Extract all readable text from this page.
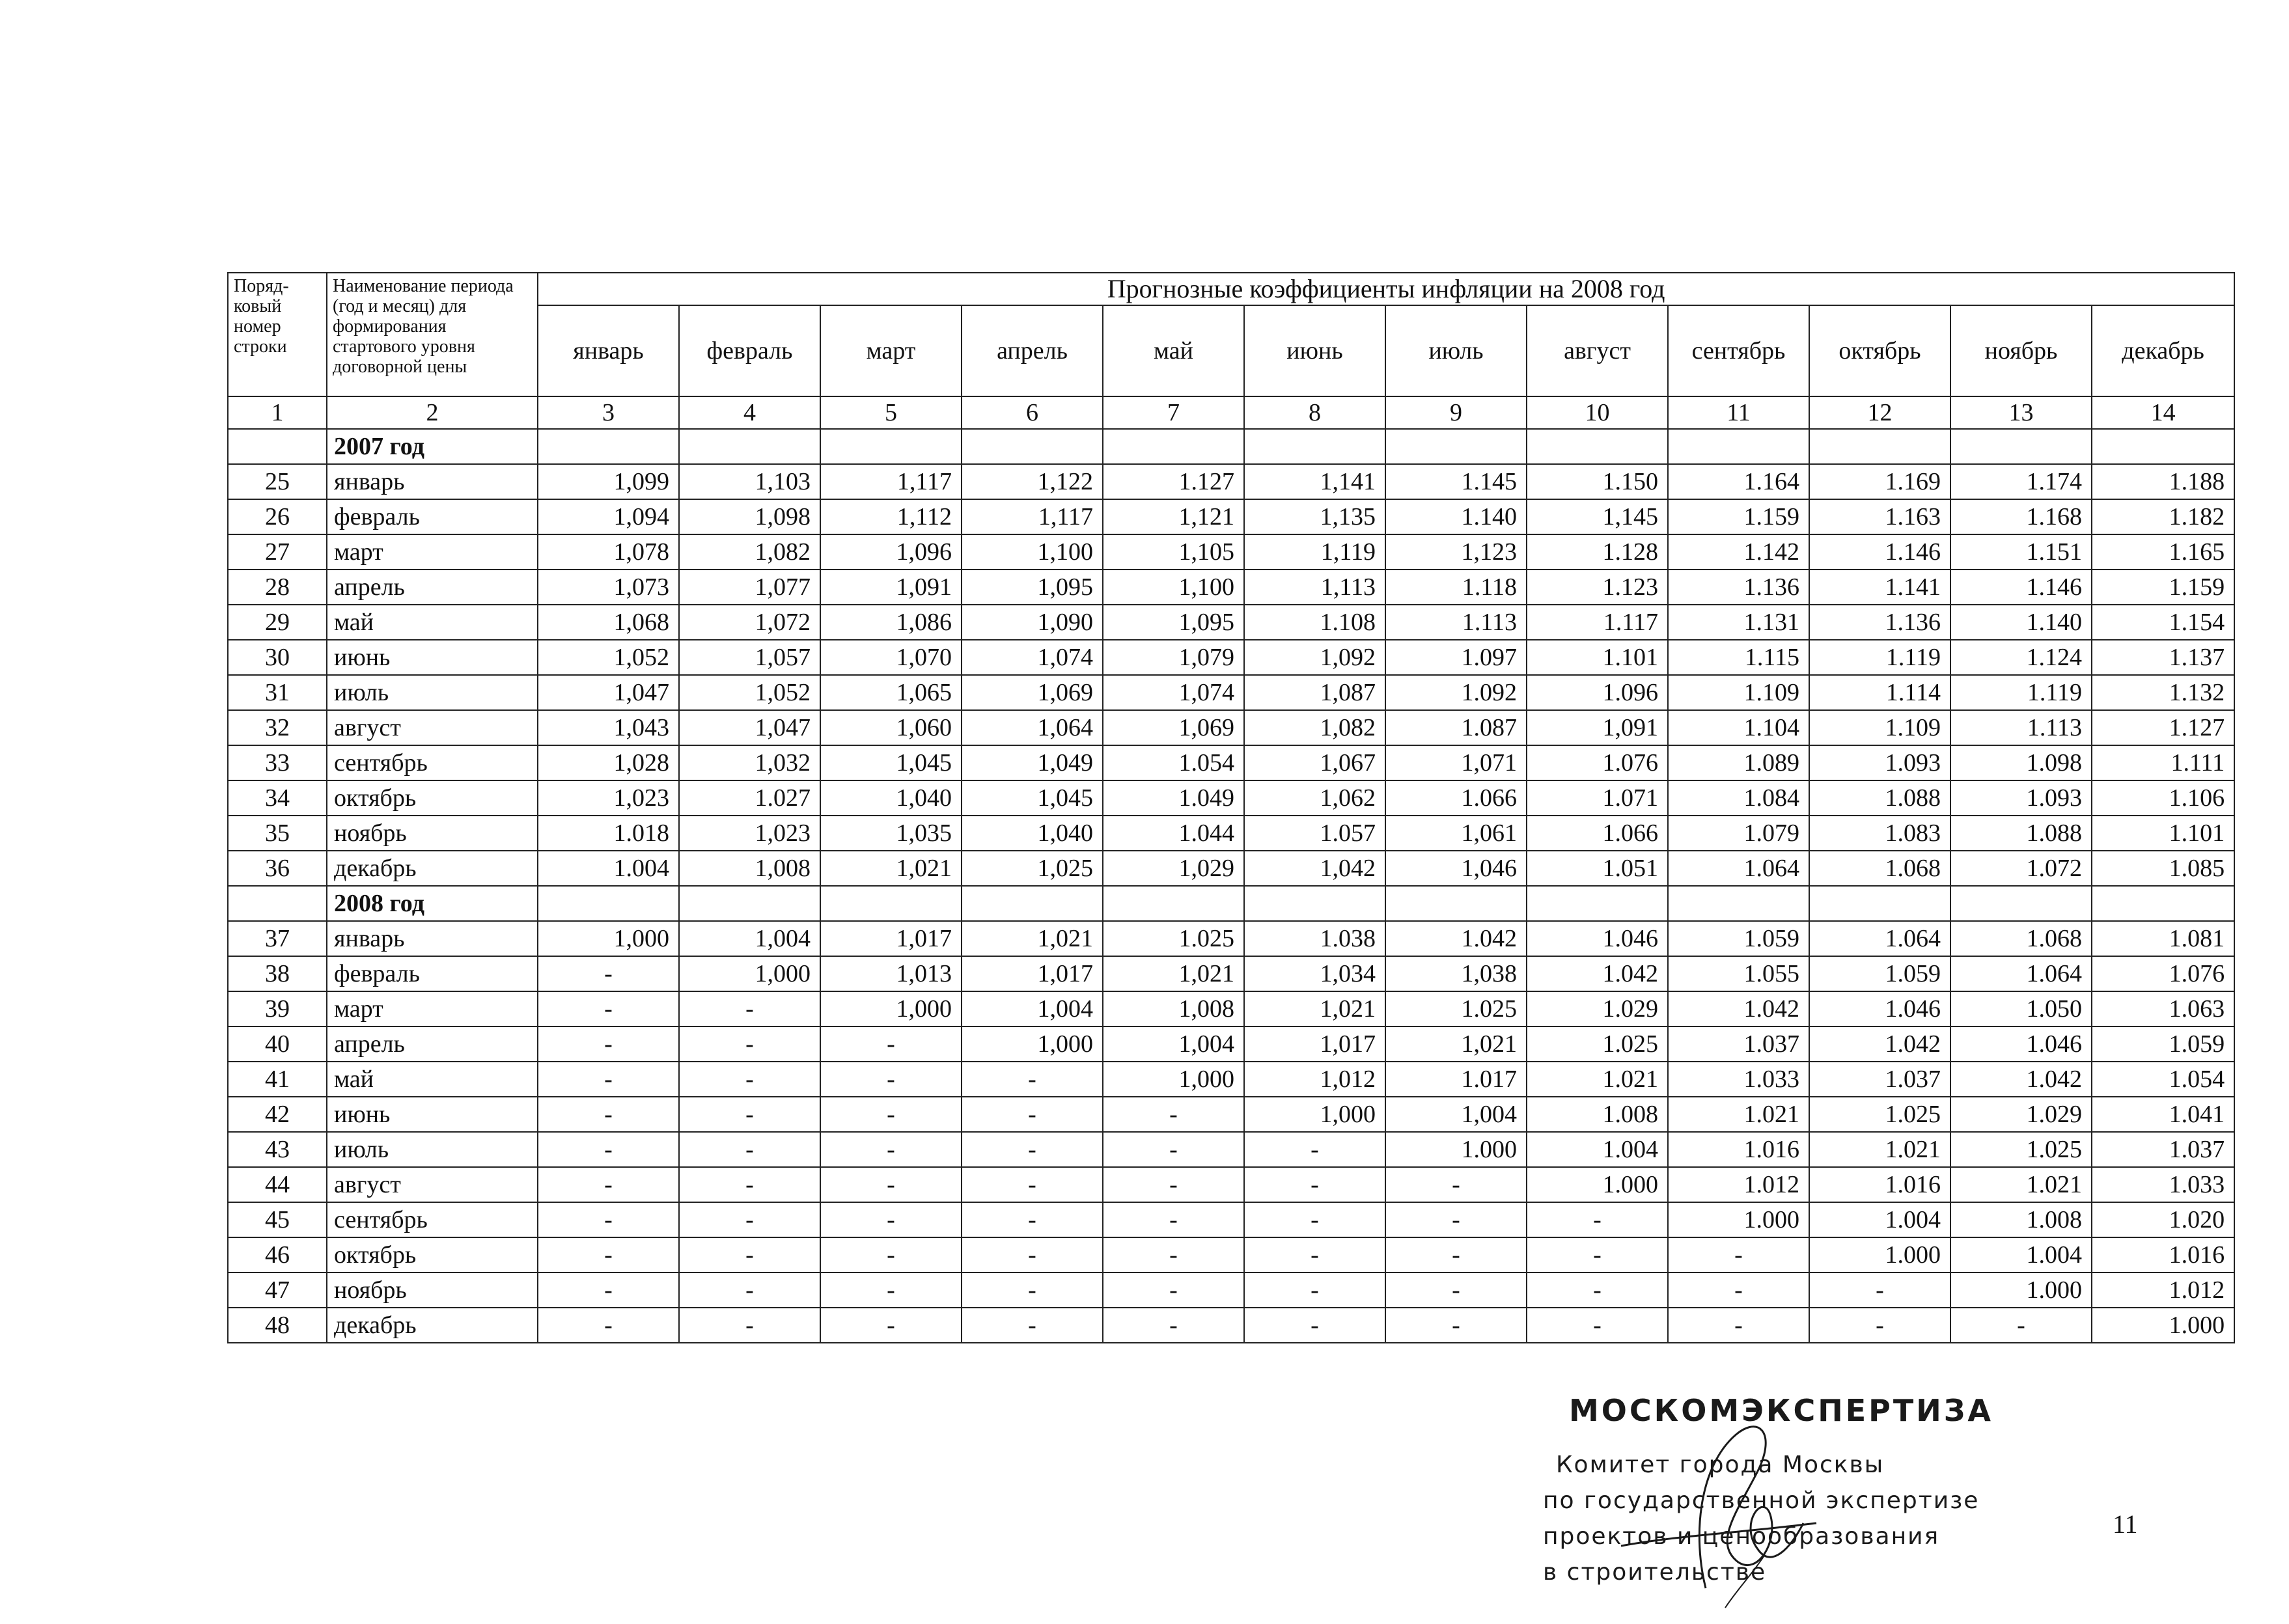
Поряд-ковый номер строки	Наименование периода (год и месяц) для формирования стартового уровня договорной цены	Прогнозные коэффициенты инфляции на 2008 год											
		январь	февраль	март	апрель	май	июнь	июль	август	сентябрь	октябрь	ноябрь	декабрь
1	2	3	4	5	6	7	8	9	10	11	12	13	14
	2007 год												
25	январь	1,099	1,103	1,117	1,122	1.127	1,141	1.145	1.150	1.164	1.169	1.174	1.188
26	февраль	1,094	1,098	1,112	1,117	1,121	1,135	1.140	1,145	1.159	1.163	1.168	1.182
27	март	1,078	1,082	1,096	1,100	1,105	1,119	1,123	1.128	1.142	1.146	1.151	1.165
28	апрель	1,073	1,077	1,091	1,095	1,100	1,113	1.118	1.123	1.136	1.141	1.146	1.159
29	май	1,068	1,072	1,086	1,090	1,095	1.108	1.113	1.117	1.131	1.136	1.140	1.154
30	июнь	1,052	1,057	1,070	1,074	1,079	1,092	1.097	1.101	1.115	1.119	1.124	1.137
31	июль	1,047	1,052	1,065	1,069	1,074	1,087	1.092	1.096	1.109	1.114	1.119	1.132
32	август	1,043	1,047	1,060	1,064	1,069	1,082	1.087	1,091	1.104	1.109	1.113	1.127
33	сентябрь	1,028	1,032	1,045	1,049	1.054	1,067	1,071	1.076	1.089	1.093	1.098	1.111
34	октябрь	1,023	1.027	1,040	1,045	1.049	1,062	1.066	1.071	1.084	1.088	1.093	1.106
35	ноябрь	1.018	1,023	1,035	1,040	1.044	1.057	1,061	1.066	1.079	1.083	1.088	1.101
36	декабрь	1.004	1,008	1,021	1,025	1,029	1,042	1,046	1.051	1.064	1.068	1.072	1.085
	2008 год												
37	январь	1,000	1,004	1,017	1,021	1.025	1.038	1.042	1.046	1.059	1.064	1.068	1.081
38	февраль	-	1,000	1,013	1,017	1,021	1,034	1,038	1.042	1.055	1.059	1.064	1.076
39	март	-	-	1,000	1,004	1,008	1,021	1.025	1.029	1.042	1.046	1.050	1.063
40	апрель	-	-	-	1,000	1,004	1,017	1,021	1.025	1.037	1.042	1.046	1.059
41	май	-	-	-	-	1,000	1,012	1.017	1.021	1.033	1.037	1.042	1.054
42	июнь	-	-	-	-	-	1,000	1,004	1.008	1.021	1.025	1.029	1.041
43	июль	-	-	-	-	-	-	1.000	1.004	1.016	1.021	1.025	1.037
44	август	-	-	-	-	-	-	-	1.000	1.012	1.016	1.021	1.033
45	сентябрь	-	-	-	-	-	-	-	-	1.000	1.004	1.008	1.020
46	октябрь	-	-	-	-	-	-	-	-	-	1.000	1.004	1.016
47	ноябрь	-	-	-	-	-	-	-	-	-	-	1.000	1.012
48	декабрь	-	-	-	-	-	-	-	-	-	-	-	1.000
МОСКОМЭКСПЕРТИЗА
Комитет города Москвы
по государственной экспертизе
проектов и ценообразования
в строительстве
11
